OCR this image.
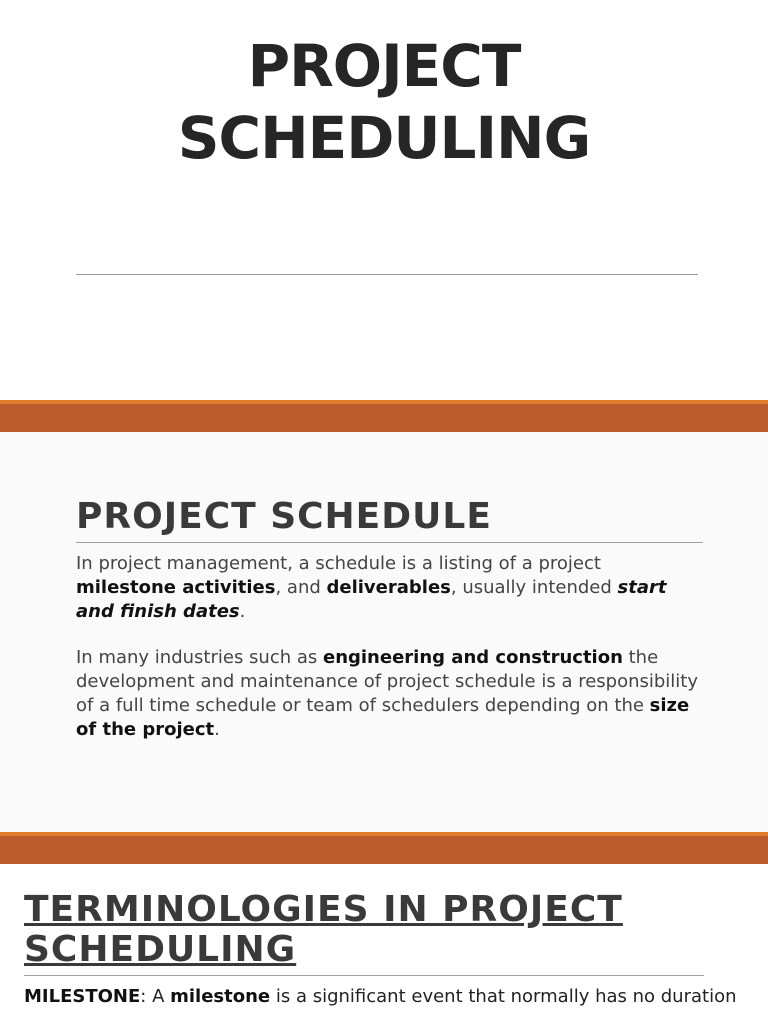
PROJECT
SCHEDULING
PROJECT SCHEDULE
In project management, a schedule is a listing of a project milestone activities, and deliverables, usually intended start and finish dates.
In many industries such as engineering and construction the development and maintenance of project schedule is a responsibility of a full time schedule or team of schedulers depending on the size of the project.
TERMINOLOGIES IN PROJECT
SCHEDULING
MILESTONE: A milestone is a significant event that normally has no duration
